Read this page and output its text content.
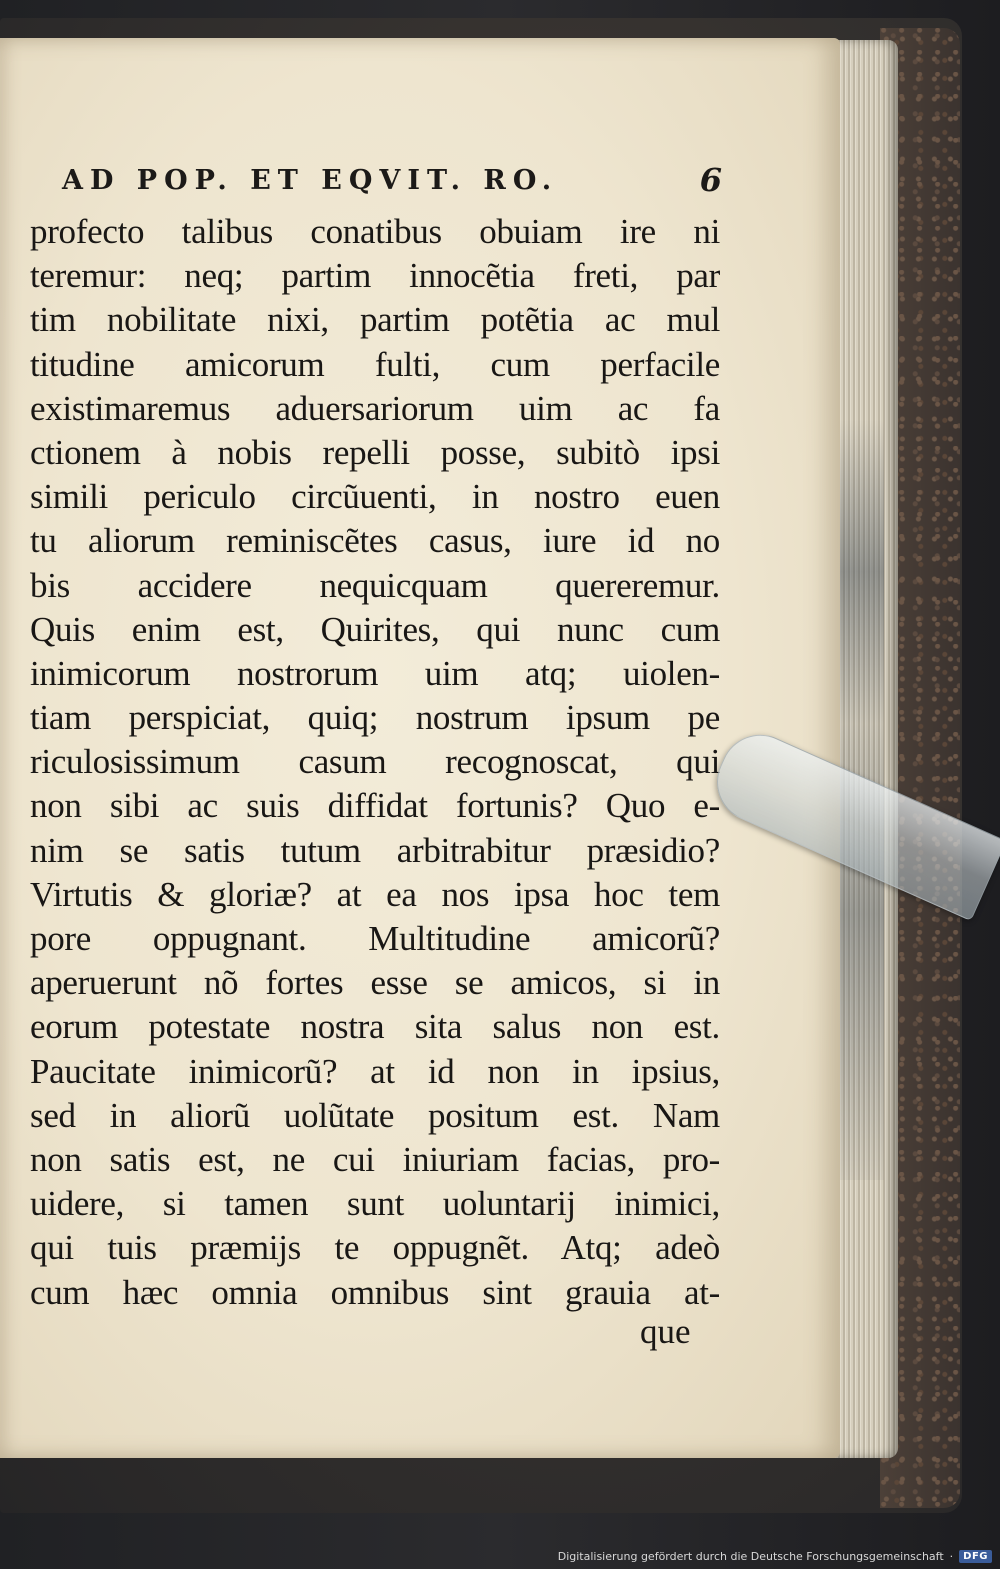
AD POP. ET EQVIT. RO.	6
profecto talibus conatibus obuiam ire ni
teremur: neq; partim innocẽtia freti, par
tim nobilitate nixi, partim potẽtia ac mul
titudine amicorum fulti, cum perfacile
existimaremus aduersariorum uim ac fa
ctionem à nobis repelli posse, subitò ipsi
simili periculo circũuenti, in nostro euen
tu aliorum reminiscẽtes casus, iure id no
bis accidere nequicquam quereremur.
Quis enim est, Quirites, qui nunc cum
inimicorum nostrorum uim atq; uiolen-
tiam perspiciat, quiq; nostrum ipsum pe
riculosissimum casum recognoscat, qui
non sibi ac suis diffidat fortunis? Quo e-
nim se satis tutum arbitrabitur præsidio?
Virtutis & gloriæ? at ea nos ipsa hoc tem
pore oppugnant. Multitudine amicorũ?
aperuerunt nõ fortes esse se amicos, si in
eorum potestate nostra sita salus non est.
Paucitate inimicorũ? at id non in ipsius,
sed in aliorũ uolũtate positum est. Nam
non satis est, ne cui iniuriam facias, pro-
uidere, si tamen sunt uoluntarij inimici,
qui tuis præmijs te oppugnẽt. Atq; adeò
cum hæc omnia omnibus sint grauia at-
que
Digitalisierung gefördert durch die Deutsche Forschungsgemeinschaft ·	DFG
